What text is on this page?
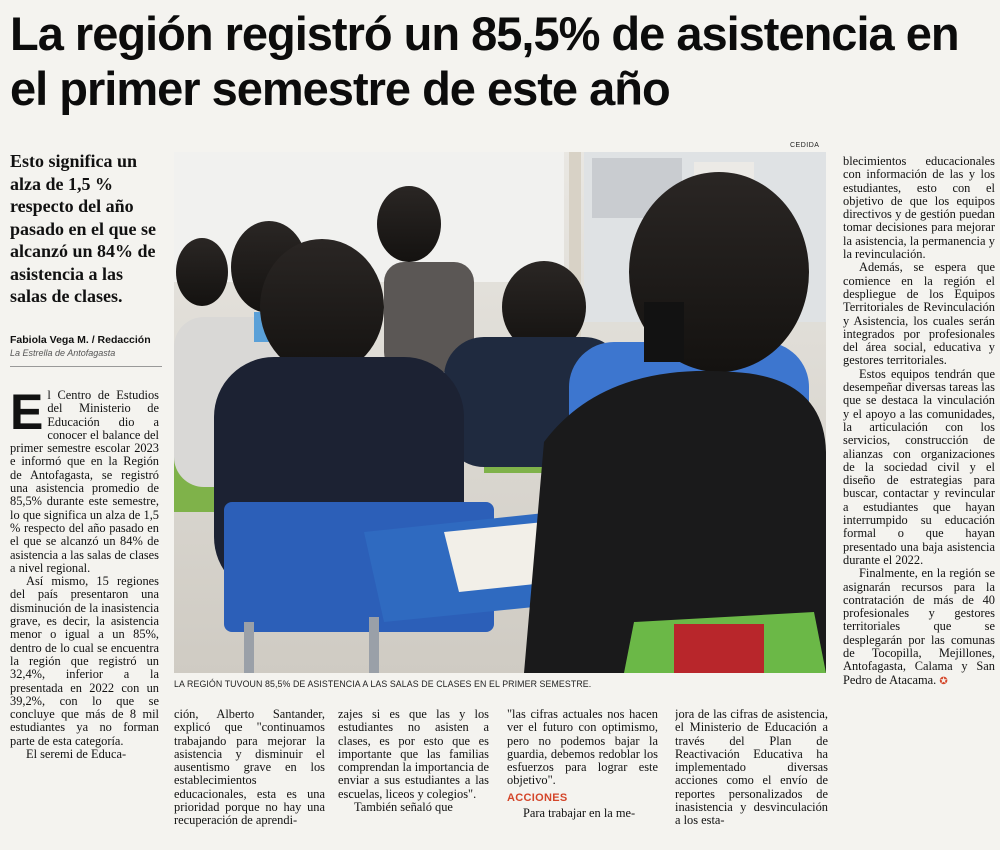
La región registró un 85,5% de asistencia en el primer semestre de este año
CEDIDA

Esto significa un alza de 1,5 % respecto del año pasado en el que se alcanzó un 84% de asistencia a las salas de clases.

Fabiola Vega M. / Redacción
La Estrella de Antofagasta
LA REGIÓN TUVOUN 85,5% DE ASISTENCIA A LAS SALAS DE CLASES EN EL PRIMER SEMESTRE.
E l Centro de Estudios del Ministerio de Educación dio a conocer el balance del primer semestre escolar 2023 e informó que en la Región de Antofagasta, se registró una asistencia promedio de 85,5% durante este semestre, lo que significa un alza de 1,5 % respecto del año pasado en el que se alcanzó un 84% de asistencia a las salas de clases a nivel regional.

Así mismo, 15 regiones del país presentaron una disminución de la inasistencia grave, es decir, la asistencia menor o igual a un 85%, dentro de lo cual se encuentra la región que registró un 32,4%, inferior a la presentada en 2022 con un 39,2%, con lo que se concluye que más de 8 mil estudiantes ya no forman parte de esta categoría.

El seremi de Educa-

ción, Alberto Santander, explicó que "continuamos trabajando para mejorar la asistencia y disminuir el ausentismo grave en los establecimientos educacionales, esta es una prioridad porque no hay una recuperación de aprendi-

zajes si es que las y los estudiantes no asisten a clases, es por esto que es importante que las familias comprendan la importancia de enviar a sus estudiantes a las escuelas, liceos y colegios".

También señaló que

"las cifras actuales nos hacen ver el futuro con optimismo, pero no podemos bajar la guardia, debemos redoblar los esfuerzos para lograr este objetivo".

ACCIONES

Para trabajar en la me-

jora de las cifras de asistencia, el Ministerio de Educación a través del Plan de Reactivación Educativa ha implementado diversas acciones como el envío de reportes personalizados de inasistencia y desvinculación a los esta-

blecimientos educacionales con información de las y los estudiantes, esto con el objetivo de que los equipos directivos y de gestión puedan tomar decisiones para mejorar la asistencia, la permanencia y la revinculación.

Además, se espera que comience en la región el despliegue de los Equipos Territoriales de Revinculación y Asistencia, los cuales serán integrados por profesionales del área social, educativa y gestores territoriales.

Estos equipos tendrán que desempeñar diversas tareas las que se destaca la vinculación y el apoyo a las comunidades, la articulación con los servicios, construcción de alianzas con organizaciones de la sociedad civil y el diseño de estrategias para buscar, contactar y revincular a estudiantes que hayan interrumpido su educación formal o que hayan presentado una baja asistencia durante el 2022.

Finalmente, en la región se asignarán recursos para la contratación de más de 40 profesionales y gestores territoriales que se desplegarán por las comunas de Tocopilla, Mejillones, Antofagasta, Calama y San Pedro de Atacama. ✪
